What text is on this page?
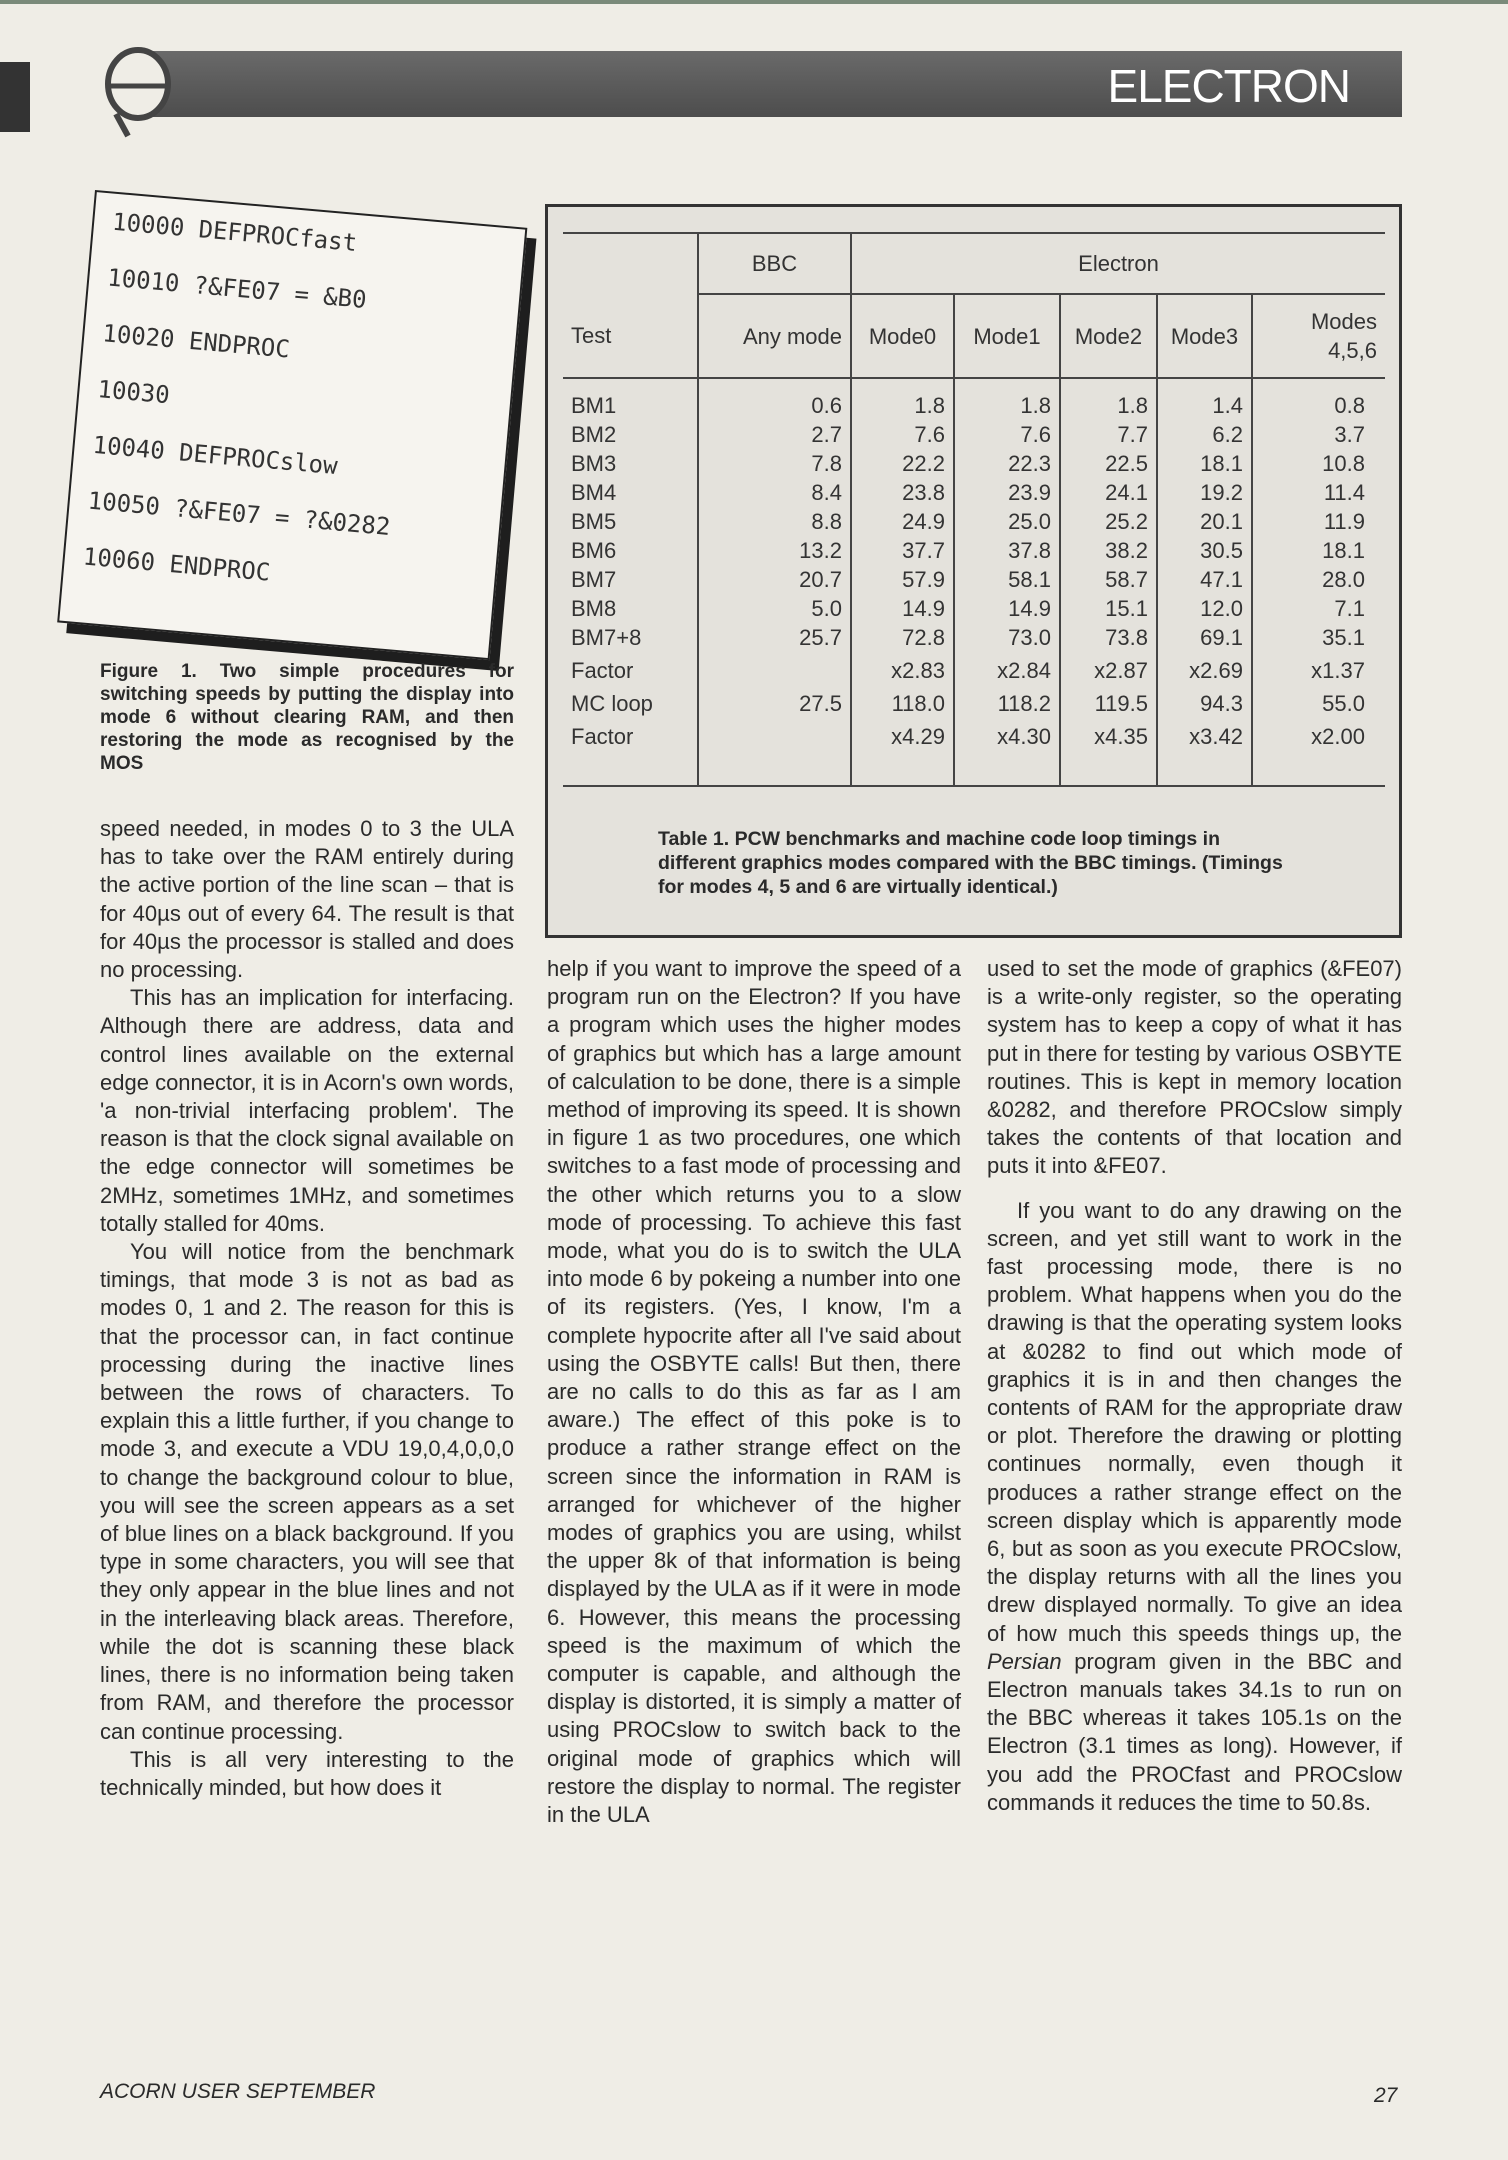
ELECTRON
10000 DEFPROCfast
10010 ?&FE07 = &B0
10020 ENDPROC
10030
10040 DEFPROCslow
10050 ?&FE07 = ?&0282
10060 ENDPROC
Figure 1. Two simple procedures for switching speeds by putting the display into mode 6 without clearing RAM, and then restoring the mode as recognised by the MOS
	BBC	Electron				
Test	Any mode	Mode0	Mode1	Mode2	Mode3	Modes 4,5,6
BM1	0.6	1.8	1.8	1.8	1.4	0.8
BM2	2.7	7.6	7.6	7.7	6.2	3.7
BM3	7.8	22.2	22.3	22.5	18.1	10.8
BM4	8.4	23.8	23.9	24.1	19.2	11.4
BM5	8.8	24.9	25.0	25.2	20.1	11.9
BM6	13.2	37.7	37.8	38.2	30.5	18.1
BM7	20.7	57.9	58.1	58.7	47.1	28.0
BM8	5.0	14.9	14.9	15.1	12.0	7.1
BM7+8	25.7	72.8	73.0	73.8	69.1	35.1
Factor		x2.83	x2.84	x2.87	x2.69	x1.37
MC loop	27.5	118.0	118.2	119.5	94.3	55.0
Factor		x4.29	x4.30	x4.35	x3.42	x2.00
Table 1. PCW benchmarks and machine code loop timings in different graphics modes compared with the BBC timings. (Timings for modes 4, 5 and 6 are virtually identical.)

speed needed, in modes 0 to 3 the ULA has to take over the RAM entirely during the active portion of the line scan – that is for 40µs out of every 64. The result is that for 40µs the processor is stalled and does no processing.

This has an implication for interfacing. Although there are address, data and control lines available on the external edge connector, it is in Acorn's own words, 'a non-trivial interfacing problem'. The reason is that the clock signal available on the edge connector will sometimes be 2MHz, sometimes 1MHz, and sometimes totally stalled for 40ms.

You will notice from the benchmark timings, that mode 3 is not as bad as modes 0, 1 and 2. The reason for this is that the processor can, in fact continue processing during the inactive lines between the rows of characters. To explain this a little further, if you change to mode 3, and execute a VDU 19,0,4,0,0,0 to change the background colour to blue, you will see the screen appears as a set of blue lines on a black background. If you type in some characters, you will see that they only appear in the blue lines and not in the interleaving black areas. Therefore, while the dot is scanning these black lines, there is no information being taken from RAM, and therefore the processor can continue processing.

This is all very interesting to the technically minded, but how does it

help if you want to improve the speed of a program run on the Electron? If you have a program which uses the higher modes of graphics but which has a large amount of calculation to be done, there is a simple method of improving its speed. It is shown in figure 1 as two procedures, one which switches to a fast mode of processing and the other which returns you to a slow mode of processing. To achieve this fast mode, what you do is to switch the ULA into mode 6 by pokeing a number into one of its registers. (Yes, I know, I'm a complete hypocrite after all I've said about using the OSBYTE calls! But then, there are no calls to do this as far as I am aware.) The effect of this poke is to produce a rather strange effect on the screen since the information in RAM is arranged for whichever of the higher modes of graphics you are using, whilst the upper 8k of that information is being displayed by the ULA as if it were in mode 6. However, this means the processing speed is the maximum of which the computer is capable, and although the display is distorted, it is simply a matter of using PROCslow to switch back to the original mode of graphics which will restore the display to normal. The register in the ULA

used to set the mode of graphics (&FE07) is a write-only register, so the operating system has to keep a copy of what it has put in there for testing by various OSBYTE routines. This is kept in memory location &0282, and therefore PROCslow simply takes the contents of that location and puts it into &FE07.

If you want to do any drawing on the screen, and yet still want to work in the fast processing mode, there is no problem. What happens when you do the drawing is that the operating system looks at &0282 to find out which mode of graphics it is in and then changes the contents of RAM for the appropriate draw or plot. Therefore the drawing or plotting continues normally, even though it produces a rather strange effect on the screen display which is apparently mode 6, but as soon as you execute PROCslow, the display returns with all the lines you drew displayed normally. To give an idea of how much this speeds things up, the Persian program given in the BBC and Electron manuals takes 34.1s to run on the BBC whereas it takes 105.1s on the Electron (3.1 times as long). However, if you add the PROCfast and PROCslow commands it reduces the time to 50.8s.

ACORN USER SEPTEMBER	27
